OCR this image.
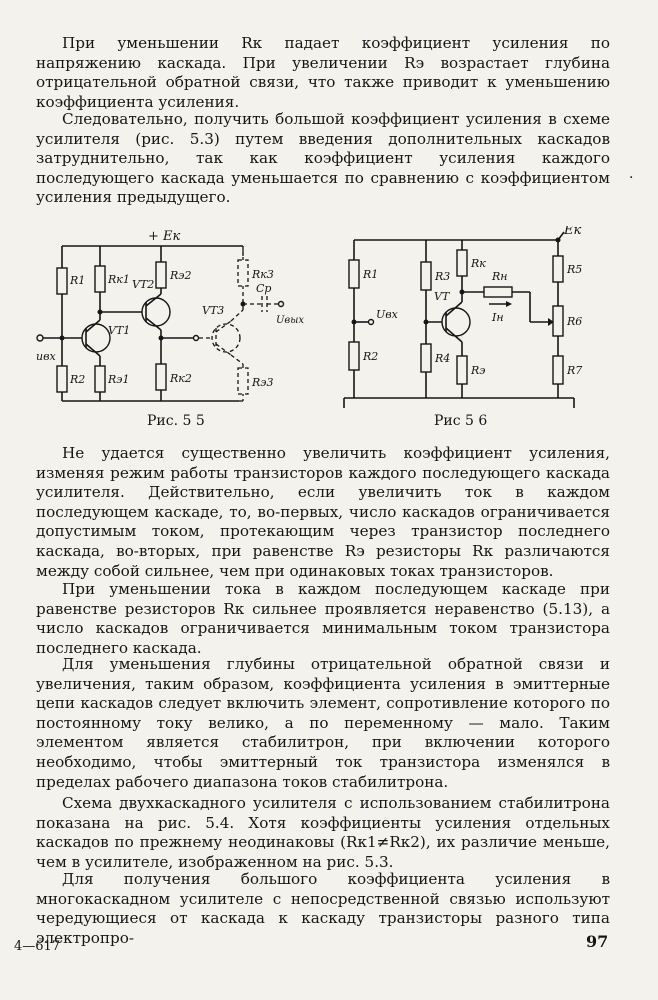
При уменьшении Rк падает коэффициент усиления по напряжению каскада. При увеличении Rэ возрастает глубина отрицательной обратной связи, что также приводит к уменьшению коэффициента усиления.

Следовательно, получить большой коэффициент усиления в схеме усилителя (рис. 5.3) путем введения дополнительных каскадов затруднительно, так как коэффициент усиления каждого последующего каскада уменьшается по сравнению с коэффициентом усиления предыдущего.

·
+ Eк
R1
R2
uвх
VT1
Rк1
Rэ1
VT2
Rэ2
Rк2
VT3
Rк3
Cр
Uвых
Rэ3
Eк
R1
R2
Uвх
R3
R4
VT
Rк
Rн
Iн
Rэ
R5
R6
R7
Рис. 5 5	Рис 5 6

Не удается существенно увеличить коэффициент усиления, изменяя режим работы транзисторов каждого последующего каскада усилителя. Действительно, если увеличить ток в каждом последующем каскаде, то, во-первых, число каскадов ограничивается допустимым током, протекающим через транзистор последнего каскада, во-вторых, при равенстве Rэ резисторы Rк различаются между собой сильнее, чем при одинаковых токах транзисторов.

При уменьшении тока в каждом последующем каскаде при равенстве резисторов Rк сильнее проявляется неравенство (5.13), а число каскадов ограничивается минимальным током транзистора последнего каскада.

Для уменьшения глубины отрицательной обратной связи и увеличения, таким образом, коэффициента усиления в эмиттерные цепи каскадов следует включить элемент, сопротивление которого по постоянному току велико, а по переменному — мало. Таким элементом является стабилитрон, при включении которого необходимо, чтобы эмиттерный ток транзистора изменялся в пределах рабочего диапазона токов стабилитрона.

Схема двухкаскадного усилителя с использованием стабилитрона показана на рис. 5.4. Хотя коэффициенты усиления отдельных каскадов по прежнему неодинаковы (Rк1≠Rк2), их различие меньше, чем в усилителе, изображенном на рис. 5.3.

Для получения большого коэффициента усиления в многокаскадном усилителе с непосредственной связью используют чередующиеся от каскада к каскаду транзисторы разного типа электропро-

4—617	97
